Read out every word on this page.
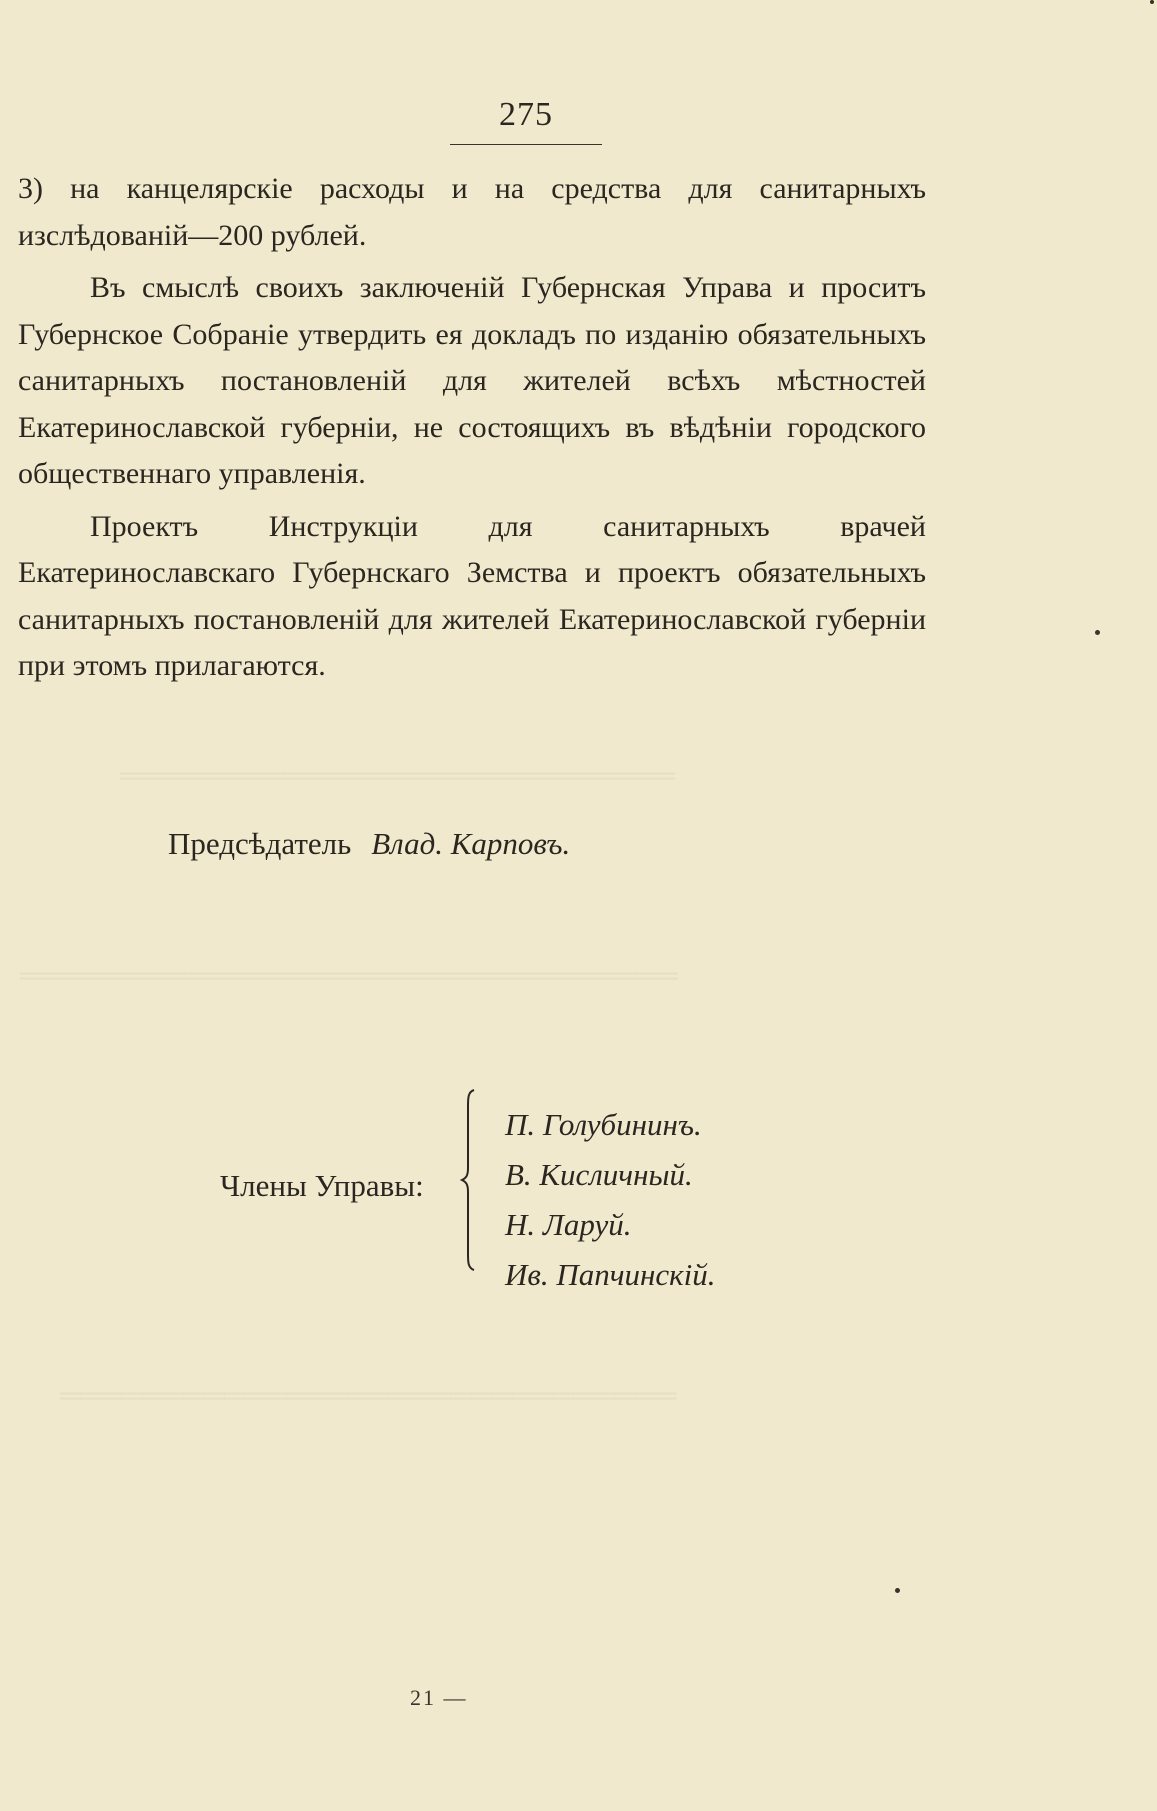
═══════════════════════════
════════════════════════════════
══════════════════════════════
275

3) на канцелярскіе расходы и на средства для санитарныхъ изслѣдованій—200 рублей.

Въ смыслѣ своихъ заключеній Губернская Управа и проситъ Губернское Собраніе утвердить ея докладъ по изданію обязательныхъ санитарныхъ постановленій для жителей всѣхъ мѣстностей Екатеринославской губерніи, не состоящихъ въ вѣдѣніи городского общественнаго управленія.

Проектъ Инструкціи для санитарныхъ врачей Екатеринославскаго Губернскаго Земства и проектъ обязательныхъ санитарныхъ постановленій для жителей Екатеринославской губерніи при этомъ прилагаются.

Предсѣдатель Влад. Карповъ.
Члены Управы:
П. Голубининъ.
В. Кисличный.
Н. Ларуй.
Ив. Папчинскій.
21 —
